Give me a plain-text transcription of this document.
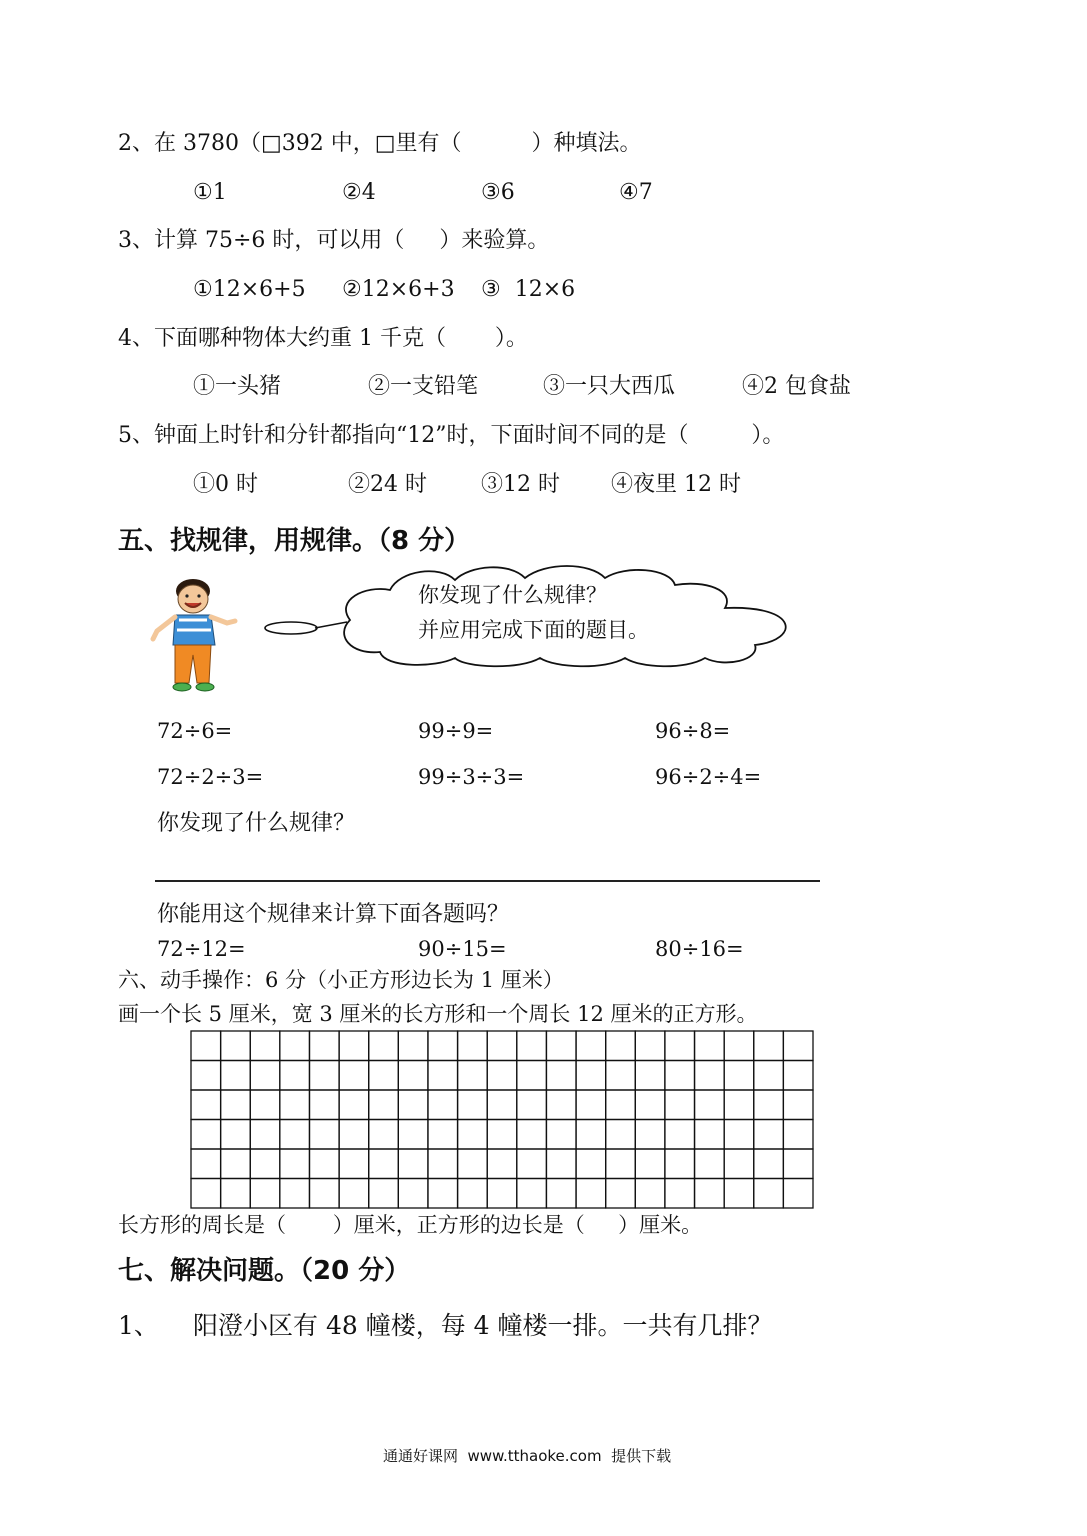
2、在 3780（□392 中，□里有（          ）种填法。
①1	②4	③6	④7
3、计算 75÷6 时，可以用（     ）来验算。
①12×6+5 ②12×6+3 ③  12×6
4、下面哪种物体大约重 1 千克（       ）。
①一头猪	②一支铅笔	③一只大西瓜	④2 包食盐
5、钟面上时针和分针都指向“12”时，下面时间不同的是（         ）。
①0 时	②24 时 ③12 时 ④夜里 12 时
五、找规律，用规律。（8 分）
你发现了什么规律？
并应用完成下面的题目。
72÷6=	99÷9=	96÷8=
72÷2÷3=	99÷3÷3=	96÷2÷4=
你发现了什么规律？
你能用这个规律来计算下面各题吗？
72÷12=	90÷15=	80÷16=
六、动手操作：6 分（小正方形边长为 1 厘米）
画一个长 5 厘米，宽 3 厘米的长方形和一个周长 12 厘米的正方形。
长方形的周长是（       ）厘米，正方形的边长是（     ）厘米。
七、解决问题。（20 分）
1、 阳澄小区有 48 幢楼，每 4 幢楼一排。一共有几排？
通通好课网  www.tthaoke.com  提供下载
